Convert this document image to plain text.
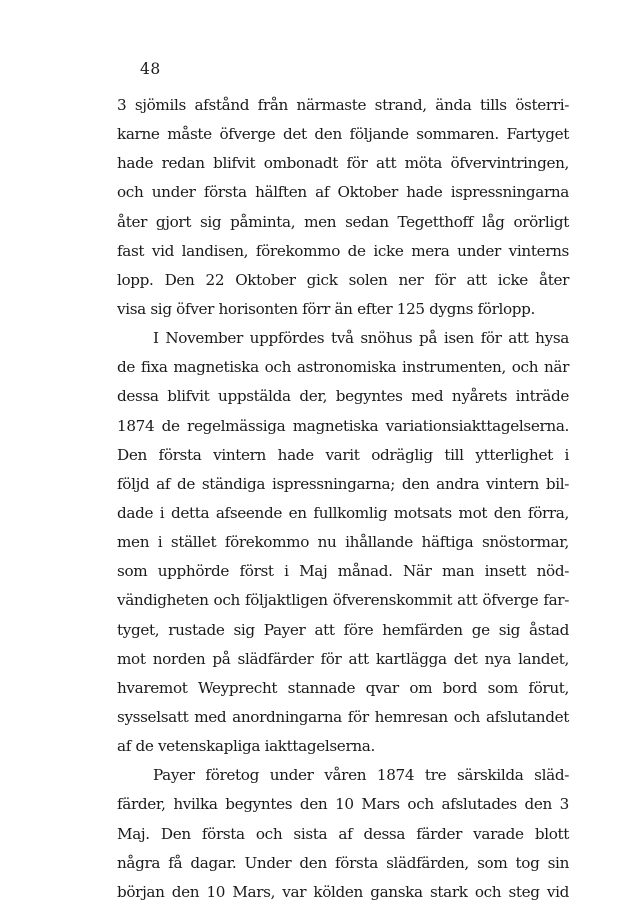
48
3 sjömils afstånd från närmaste strand, ända tills österri-
karne måste öfverge det den följande sommaren. Fartyget
hade redan blifvit ombonadt för att möta öfvervintringen,
och under första hälften af Oktober hade ispressningarna
åter gjort sig påminta, men sedan Tegetthoff låg orörligt
fast vid landisen, förekommo de icke mera under vinterns
lopp. Den 22 Oktober gick solen ner för att icke åter
visa sig öfver horisonten förr än efter 125 dygns förlopp.
I November uppfördes två snöhus på isen för att hysa
de fixa magnetiska och astronomiska instrumenten, och när
dessa blifvit uppstälda der, begyntes med nyårets inträde
1874 de regelmässiga magnetiska variationsiakttagelserna.
Den första vintern hade varit odräglig till ytterlighet i
följd af de ständiga ispressningarna; den andra vintern bil-
dade i detta afseende en fullkomlig motsats mot den förra,
men i stället förekommo nu ihållande häftiga snöstormar,
som upphörde först i Maj månad. När man insett nöd-
vändigheten och följaktligen öfverenskommit att öfverge far-
tyget, rustade sig Payer att före hemfärden ge sig åstad
mot norden på slädfärder för att kartlägga det nya landet,
hvaremot Weyprecht stannade qvar om bord som förut,
sysselsatt med anordningarna för hemresan och afslutandet
af de vetenskapliga iakttagelserna.
Payer företog under våren 1874 tre särskilda släd-
färder, hvilka begyntes den 10 Mars och afslutades den 3
Maj. Den första och sista af dessa färder varade blott
några få dagar. Under den första slädfärden, som tog sin
början den 10 Mars, var kölden ganska stark och steg vid
